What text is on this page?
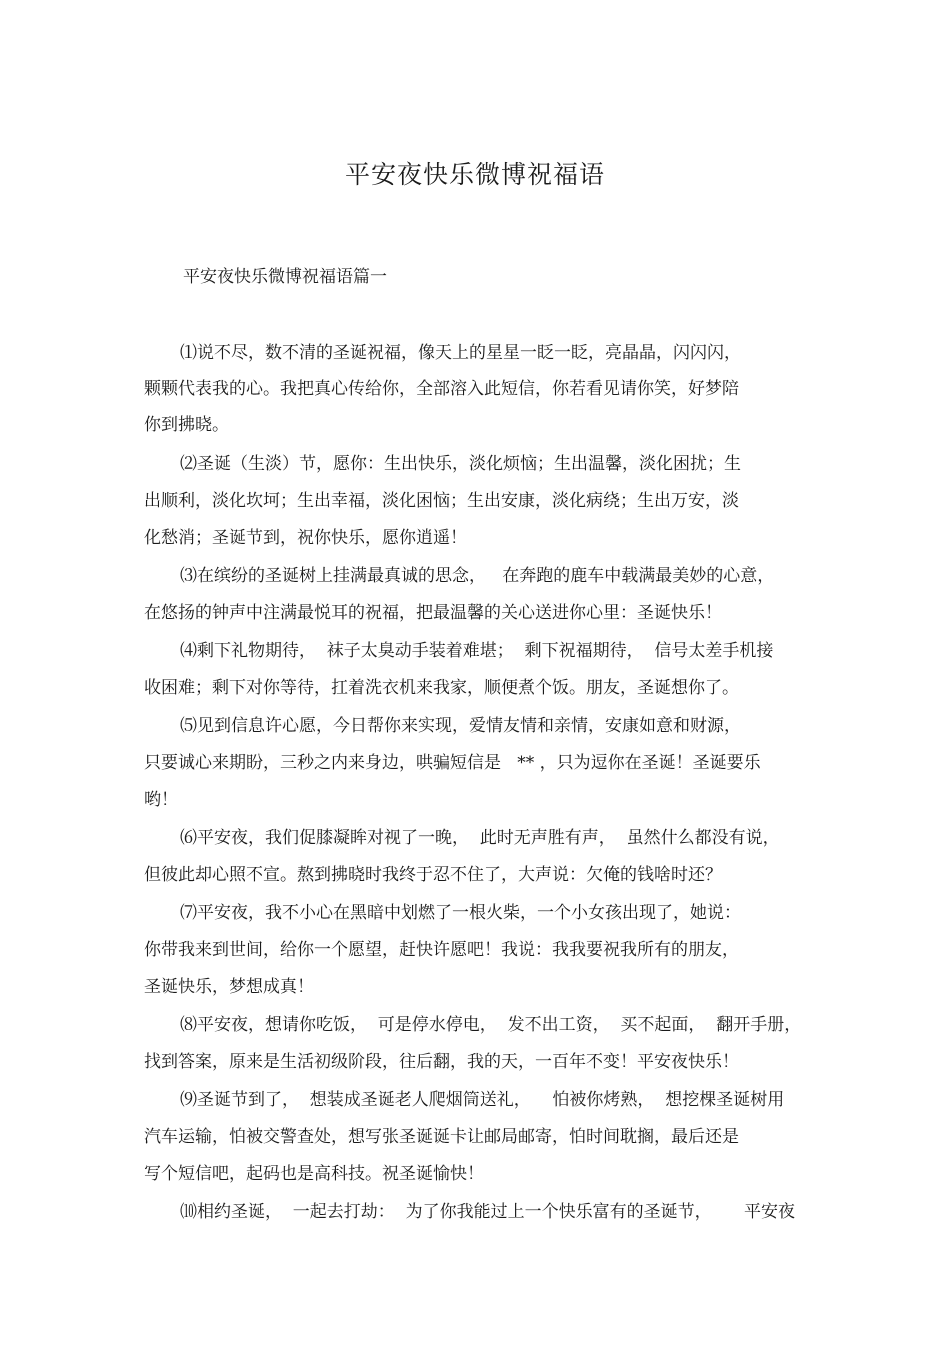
平安夜快乐微博祝福语
平安夜快乐微博祝福语篇一
⑴说不尽，数不清的圣诞祝福，像天上的星星一眨一眨，亮晶晶，闪闪闪，
颗颗代表我的心。我把真心传给你，全部溶入此短信，你若看见请你笑，好梦陪
你到拂晓。
⑵圣诞（生淡）节，愿你：生出快乐，淡化烦恼；生出温馨，淡化困扰；生
出顺利，淡化坎坷；生出幸福，淡化困恼；生出安康，淡化病绕；生出万安，淡
化愁消；圣诞节到，祝你快乐，愿你逍遥！
⑶在缤纷的圣诞树上挂满最真诚的思念，   在奔跑的鹿车中载满最美妙的心意，
在悠扬的钟声中注满最悦耳的祝福，把最温馨的关心送进你心里：圣诞快乐！
⑷剩下礼物期待，  袜子太臭动手装着难堪；  剩下祝福期待，  信号太差手机接
收困难；剩下对你等待，扛着洗衣机来我家，顺便煮个饭。朋友，圣诞想你了。
⑸见到信息许心愿，今日帮你来实现，爱情友情和亲情，安康如意和财源，
只要诚心来期盼，三秒之内来身边，哄骗短信是   ** ，只为逗你在圣诞！圣诞要乐
哟！
⑹平安夜，我们促膝凝眸对视了一晚，  此时无声胜有声，  虽然什么都没有说，
但彼此却心照不宣。熬到拂晓时我终于忍不住了，大声说：欠俺的钱啥时还？
⑺平安夜，我不小心在黑暗中划燃了一根火柴，一个小女孩出现了，她说：
你带我来到世间，给你一个愿望，赶快许愿吧！我说：我我要祝我所有的朋友，
圣诞快乐，梦想成真！
⑻平安夜，想请你吃饭，  可是停水停电，  发不出工资，  买不起面，  翻开手册，
找到答案，原来是生活初级阶段，往后翻，我的天，一百年不变！平安夜快乐！
⑼圣诞节到了，  想装成圣诞老人爬烟筒送礼，    怕被你烤熟，  想挖棵圣诞树用
汽车运输，怕被交警查处，想写张圣诞诞卡让邮局邮寄，怕时间耽搁，最后还是
写个短信吧，起码也是高科技。祝圣诞愉快！
⑽相约圣诞，  一起去打劫：  为了你我能过上一个快乐富有的圣诞节，      平安夜
